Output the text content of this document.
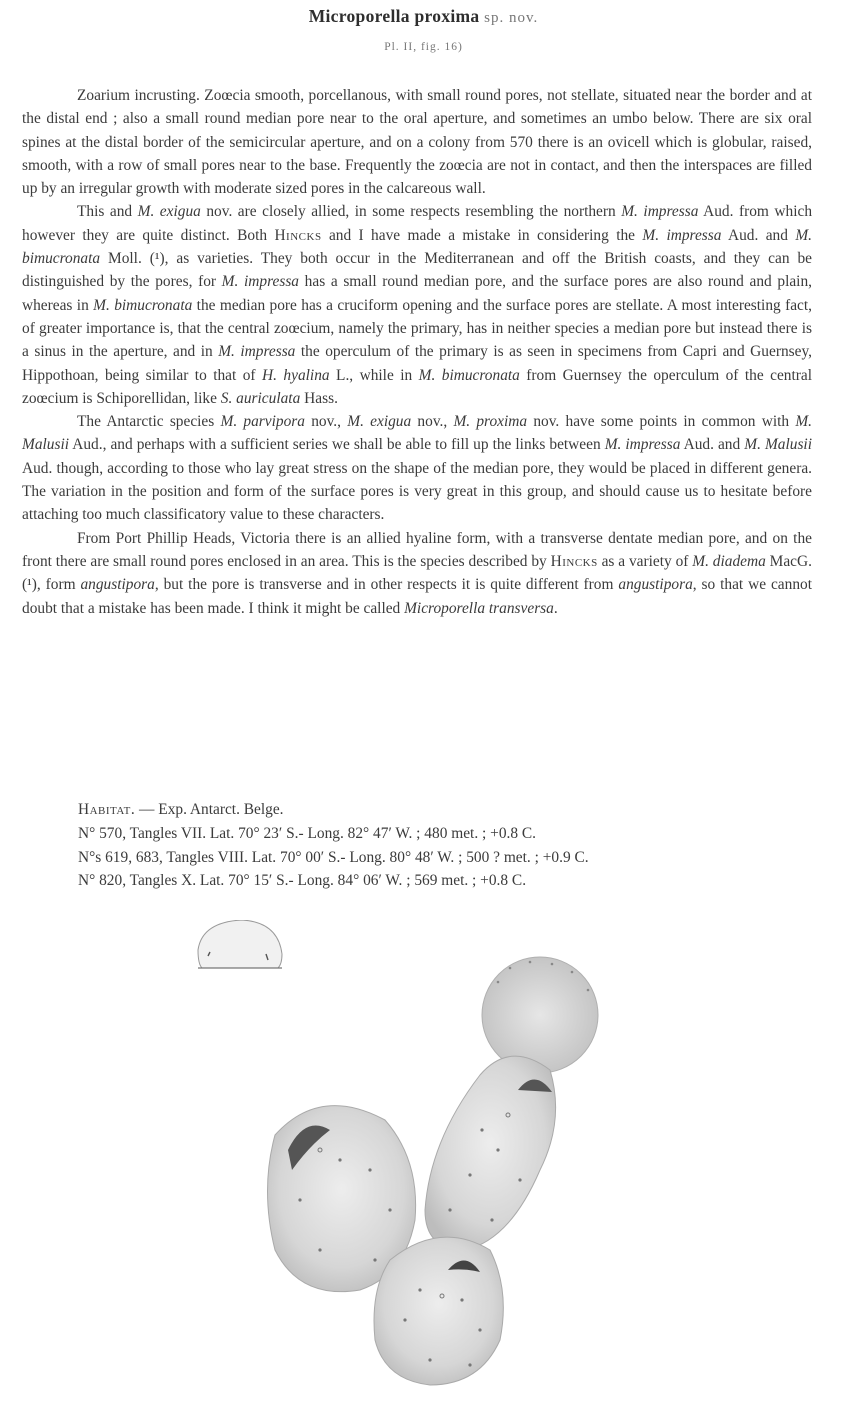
Microporella proxima sp. nov.
Pl. II, fig. 16)

Zoarium incrusting. Zoœcia smooth, porcellanous, with small round pores, not stellate, situated near the border and at the distal end ; also a small round median pore near to the oral aperture, and sometimes an umbo below. There are six oral spines at the distal border of the semicircular aperture, and on a colony from 570 there is an ovicell which is globular, raised, smooth, with a row of small pores near to the base. Frequently the zoœcia are not in contact, and then the interspaces are filled up by an irregular growth with moderate sized pores in the calcareous wall.

This and M. exigua nov. are closely allied, in some respects resembling the northern M. impressa Aud. from which however they are quite distinct. Both Hincks and I have made a mistake in considering the M. impressa Aud. and M. bimucronata Moll. (¹), as varieties. They both occur in the Mediterranean and off the British coasts, and they can be distinguished by the pores, for M. impressa has a small round median pore, and the surface pores are also round and plain, whereas in M. bimucronata the median pore has a cruciform opening and the surface pores are stellate. A most interesting fact, of greater importance is, that the central zoœcium, namely the primary, has in neither species a median pore but instead there is a sinus in the aperture, and in M. impressa the operculum of the primary is as seen in specimens from Capri and Guernsey, Hippothoan, being similar to that of H. hyalina L., while in M. bimucronata from Guernsey the operculum of the central zoœcium is Schiporellidan, like S. auriculata Hass.

The Antarctic species M. parvipora nov., M. exigua nov., M. proxima nov. have some points in common with M. Malusii Aud., and perhaps with a sufficient series we shall be able to fill up the links between M. impressa Aud. and M. Malusii Aud. though, according to those who lay great stress on the shape of the median pore, they would be placed in different genera. The variation in the position and form of the surface pores is very great in this group, and should cause us to hesitate before attaching too much classificatory value to these characters.

From Port Phillip Heads, Victoria there is an allied hyaline form, with a transverse dentate median pore, and on the front there are small round pores enclosed in an area. This is the species described by Hincks as a variety of M. diadema MacG. (¹), form angustipora, but the pore is transverse and in other respects it is quite different from angustipora, so that we cannot doubt that a mistake has been made. I think it might be called Microporella transversa.

Habitat. — Exp. Antarct. Belge.
N° 570, Tangles VII. Lat. 70° 23′ S.- Long. 82° 47′ W. ; 480 met. ; +0.8 C.
N°s 619, 683, Tangles VIII. Lat. 70° 00′ S.- Long. 80° 48′ W. ; 500 ? met. ; +0.9 C.
N° 820, Tangles X. Lat. 70° 15′ S.- Long. 84° 06′ W. ; 569 met. ; +0.8 C.
